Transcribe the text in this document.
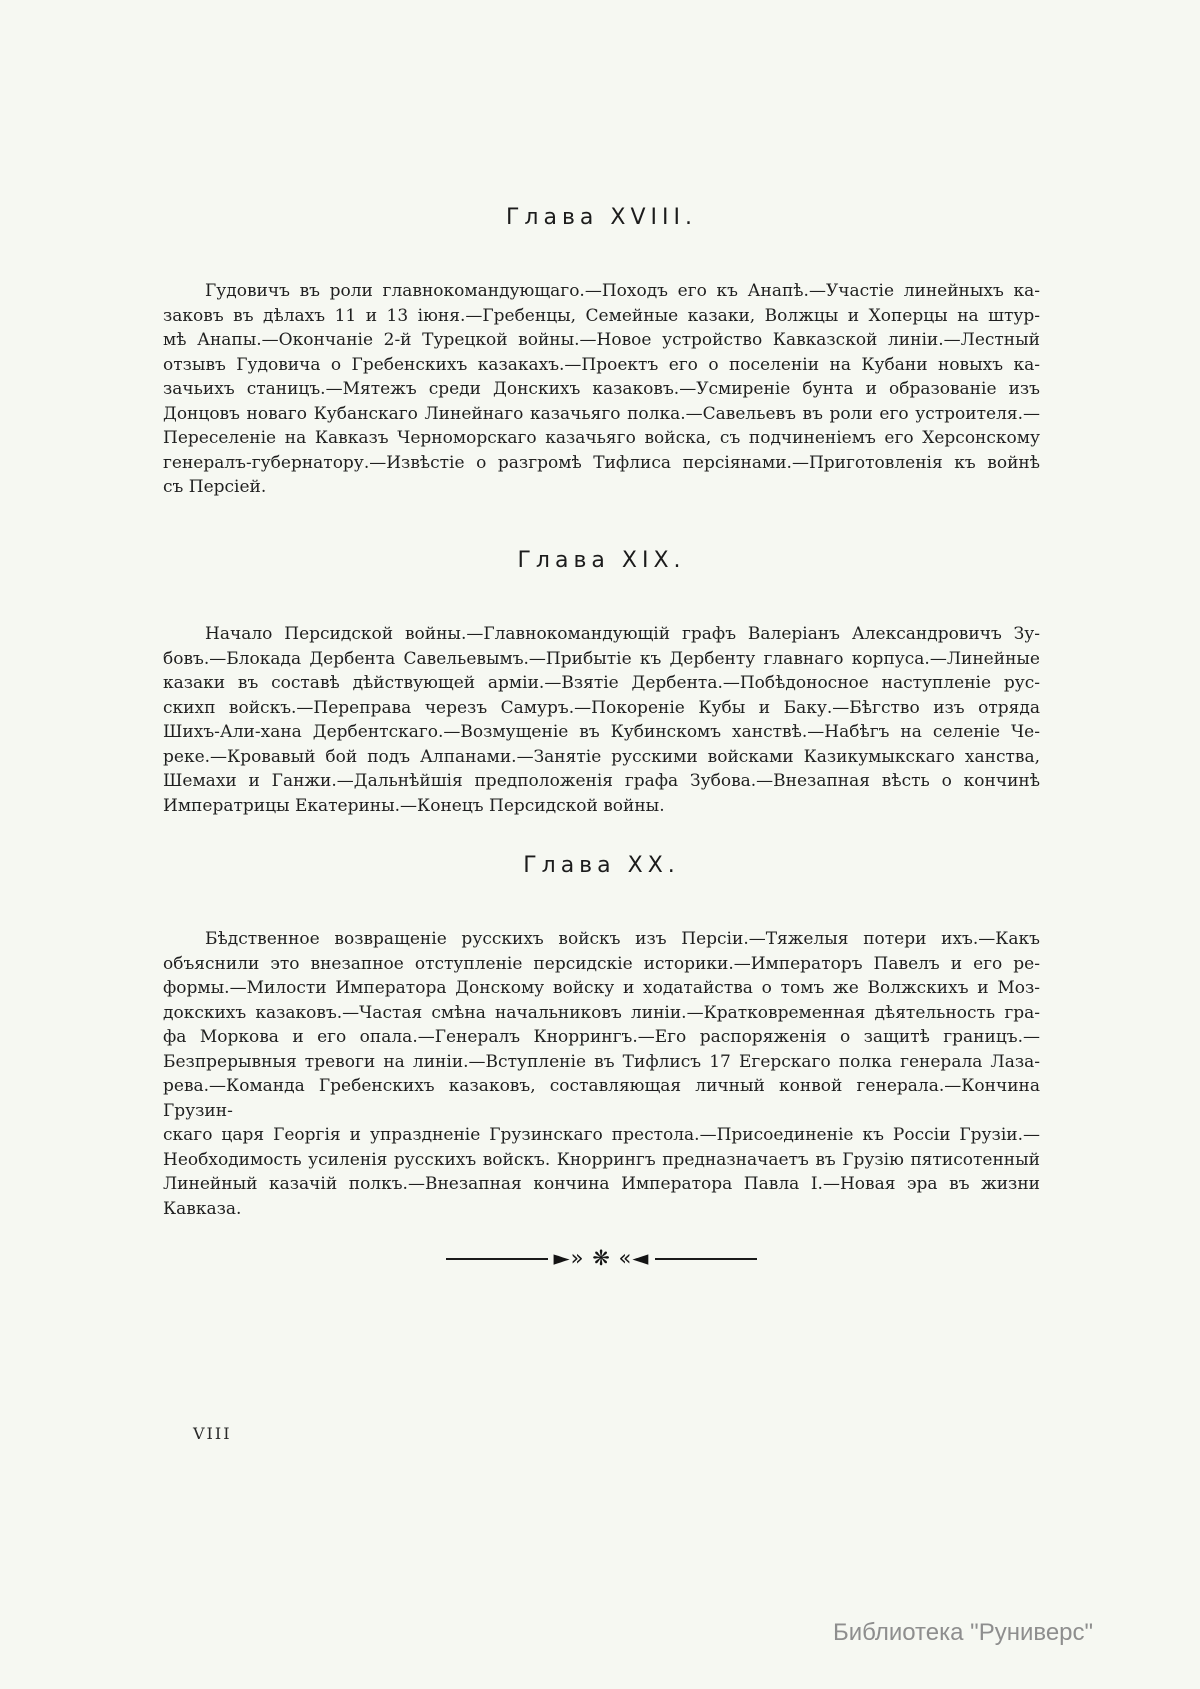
Глава XVIII.
Гудовичъ въ роли главнокомандующаго.—Походъ его къ Анапѣ.—Участіе линейныхъ ка-
заковъ въ дѣлахъ 11 и 13 іюня.—Гребенцы, Семейные казаки, Волжцы и Хоперцы на штур-
мѣ Анапы.—Окончаніе 2-й Турецкой войны.—Новое устройство Кавказской линіи.—Лестный
отзывъ Гудовича о Гребенскихъ казакахъ.—Проектъ его о поселеніи на Кубани новыхъ ка-
зачьихъ станицъ.—Мятежъ среди Донскихъ казаковъ.—Усмиреніе бунта и образованіе изъ
Донцовъ новаго Кубанскаго Линейнаго казачьяго полка.—Савельевъ въ роли его устроителя.—
Переселеніе на Кавказъ Черноморскаго казачьяго войска, съ подчиненіемъ его Херсонскому
генералъ-губернатору.—Извѣстіе о разгромѣ Тифлиса персіянами.—Приготовленія къ войнѣ
съ Персіей.
Глава XIX.
Начало Персидской войны.—Главнокомандующій графъ Валеріанъ Александровичъ Зу-
бовъ.—Блокада Дербента Савельевымъ.—Прибытіе къ Дербенту главнаго корпуса.—Линейные
казаки въ составѣ дѣйствующей арміи.—Взятіе Дербента.—Побѣдоносное наступленіе рус-
скихп войскъ.—Переправа черезъ Самуръ.—Покореніе Кубы и Баку.—Бѣгство изъ отряда
Шихъ-Али-хана Дербентскаго.—Возмущеніе въ Кубинскомъ ханствѣ.—Набѣгъ на селеніе Че-
реке.—Кровавый бой подъ Алпанами.—Занятіе русскими войсками Казикумыкскаго ханства,
Шемахи и Ганжи.—Дальнѣйшія предположенія графа Зубова.—Внезапная вѣсть о кончинѣ
Императрицы Екатерины.—Конецъ Персидской войны.
Глава XX.
Бѣдственное возвращеніе русскихъ войскъ изъ Персіи.—Тяжелыя потери ихъ.—Какъ
объяснили это внезапное отступленіе персидскіе историки.—Императоръ Павелъ и его ре-
формы.—Милости Императора Донскому войску и ходатайства о томъ же Волжскихъ и Моз-
докскихъ казаковъ.—Частая смѣна начальниковъ линіи.—Кратковременная дѣятельность гра-
фа Моркова и его опала.—Генералъ Кноррингъ.—Его распоряженія о защитѣ границъ.—
Безпрерывныя тревоги на линіи.—Вступленіе въ Тифлисъ 17 Егерскаго полка генерала Лаза-
рева.—Команда Гребенскихъ казаковъ, составляющая личный конвой генерала.—Кончина Грузин-
скаго царя Георгія и упраздненіе Грузинскаго престола.—Присоединеніе къ Россіи Грузіи.—
Необходимость усиленія русскихъ войскъ. Кноррингъ предназначаетъ въ Грузію пятисотенный
Линейный казачій полкъ.—Внезапная кончина Императора Павла I.—Новая эра въ жизни
Кавказа.
►» ❋ «◄
VIII
Библиотека "Руниверс"
